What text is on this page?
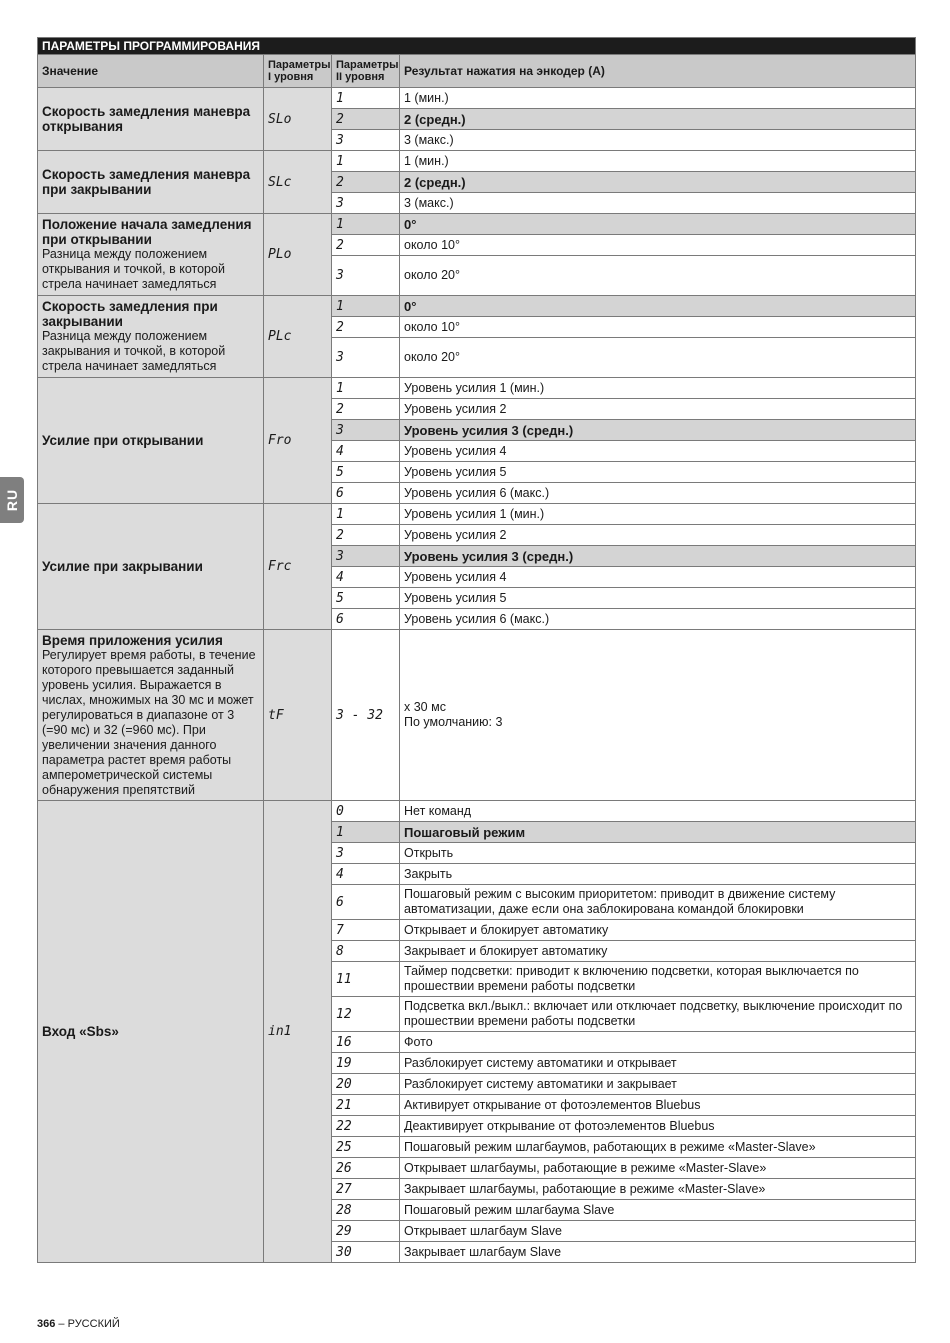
RU
ПАРАМЕТРЫ ПРОГРАММИРОВАНИЯ			
Значение	Параметры I уровня	Параметры II уровня	Результат нажатия на энкодер (A)

Скорость замедления маневра открывания	SLo	1	1 (мин.)
		2	2 (средн.)
		3	3 (макс.)

Скорость замедления маневра при закрывании	SLc	1	1 (мин.)
		2	2 (средн.)
		3	3 (макс.)

Положение начала замедления при открывании
Разница между положением открывания и точкой, в которой стрела начинает замедляться	PLo	1	0°
		2	около 10°
		3	около 20°

Скорость замедления при закрывании
Разница между положением закрывания и точкой, в которой стрела начинает замедляться	PLc	1	0°
		2	около 10°
		3	около 20°

Усилие при открывании	Fro	1	Уровень усилия 1 (мин.)
		2	Уровень усилия 2
		3	Уровень усилия 3 (средн.)
		4	Уровень усилия 4
		5	Уровень усилия 5
		6	Уровень усилия 6 (макс.)

Усилие при закрывании	Frc	1	Уровень усилия 1 (мин.)
		2	Уровень усилия 2
		3	Уровень усилия 3 (средн.)
		4	Уровень усилия 4
		5	Уровень усилия 5
		6	Уровень усилия 6 (макс.)

Время приложения усилия
Регулирует время работы, в течение которого превышается заданный уровень усилия. Выражается в числах, множимых на 30 мс и может регулироваться в диапазоне от 3 (=90 мс) и 32 (=960 мс). При увеличении значения данного параметра растет время работы амперометрической системы обнаружения препятствий	tF	3 - 32	x 30 мс
По умолчанию: 3

Вход «Sbs»	in1	0	Нет команд
		1	Пошаговый режим
		3	Открыть
		4	Закрыть
		6	Пошаговый режим с высоким приоритетом: приводит в движение систему автоматизации, даже если она заблокирована командой блокировки
		7	Открывает и блокирует автоматику
		8	Закрывает и блокирует автоматику
		11	Таймер подсветки: приводит к включению подсветки, которая выключается по прошествии времени работы подсветки
		12	Подсветка вкл./выкл.: включает или отключает подсветку, выключение происходит по прошествии времени работы подсветки
		16	Фото
		19	Разблокирует систему автоматики и открывает
		20	Разблокирует систему автоматики и закрывает
		21	Активирует открывание от фотоэлементов Bluebus
		22	Деактивирует открывание от фотоэлементов Bluebus
		25	Пошаговый режим шлагбаумов, работающих в режиме «Master-Slave»
		26	Открывает шлагбаумы, работающие в режиме «Master-Slave»
		27	Закрывает шлагбаумы, работающие в режиме «Master-Slave»
		28	Пошаговый режим шлагбаума Slave
		29	Открывает шлагбаум Slave
		30	Закрывает шлагбаум Slave
366 – РУССКИЙ
